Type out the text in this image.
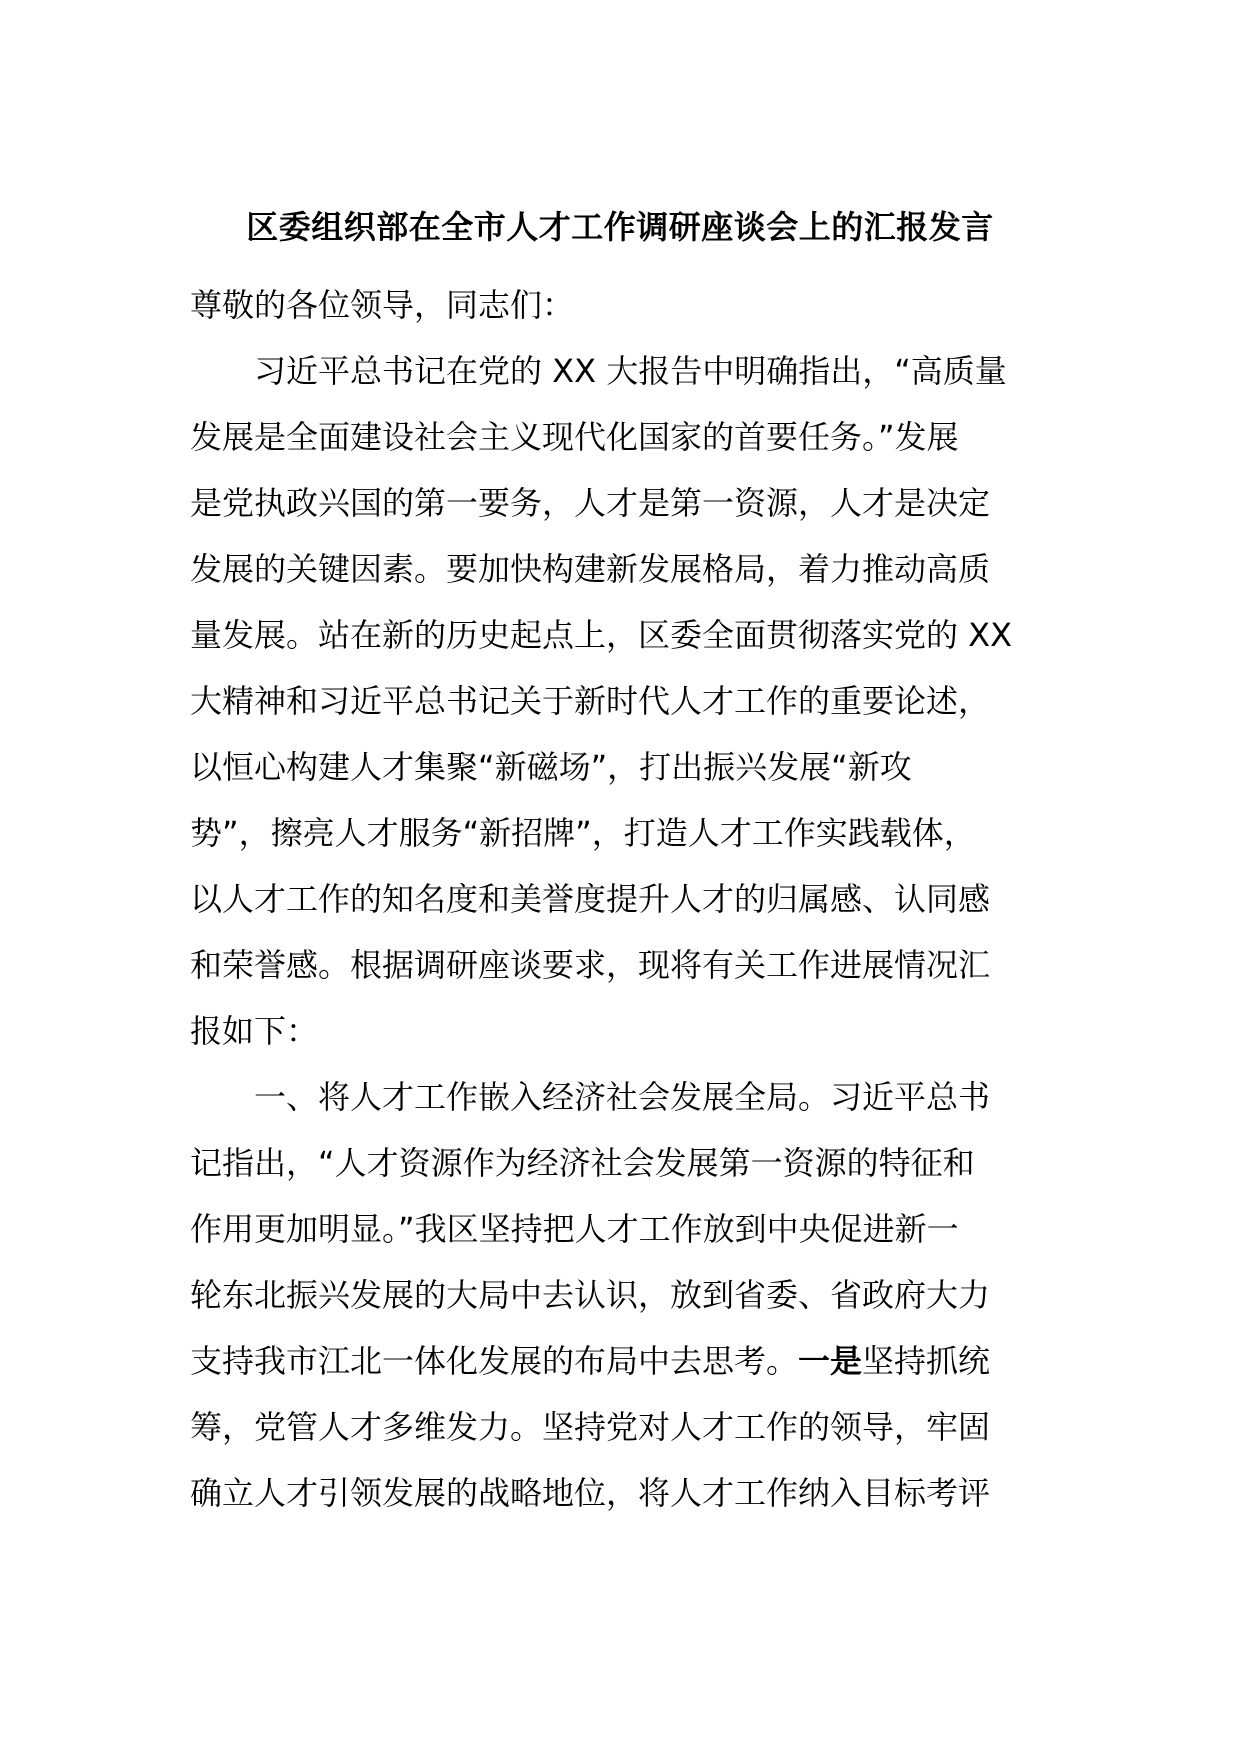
区委组织部在全市人才工作调研座谈会上的汇报发言
尊敬的各位领导，同志们：
习近平总书记在党的 XX 大报告中明确指出，“高质量
发展是全面建设社会主义现代化国家的首要任务。”发展
是党执政兴国的第一要务，人才是第一资源，人才是决定
发展的关键因素。要加快构建新发展格局，着力推动高质
量发展。站在新的历史起点上，区委全面贯彻落实党的 XX
大精神和习近平总书记关于新时代人才工作的重要论述，
以恒心构建人才集聚“新磁场”，打出振兴发展“新攻
势”，擦亮人才服务“新招牌”，打造人才工作实践载体，
以人才工作的知名度和美誉度提升人才的归属感、认同感
和荣誉感。根据调研座谈要求，现将有关工作进展情况汇
报如下：
一、将人才工作嵌入经济社会发展全局。习近平总书
记指出，“人才资源作为经济社会发展第一资源的特征和
作用更加明显。”我区坚持把人才工作放到中央促进新一
轮东北振兴发展的大局中去认识，放到省委、省政府大力
支持我市江北一体化发展的布局中去思考。一是坚持抓统
筹，党管人才多维发力。坚持党对人才工作的领导，牢固
确立人才引领发展的战略地位，将人才工作纳入目标考评
